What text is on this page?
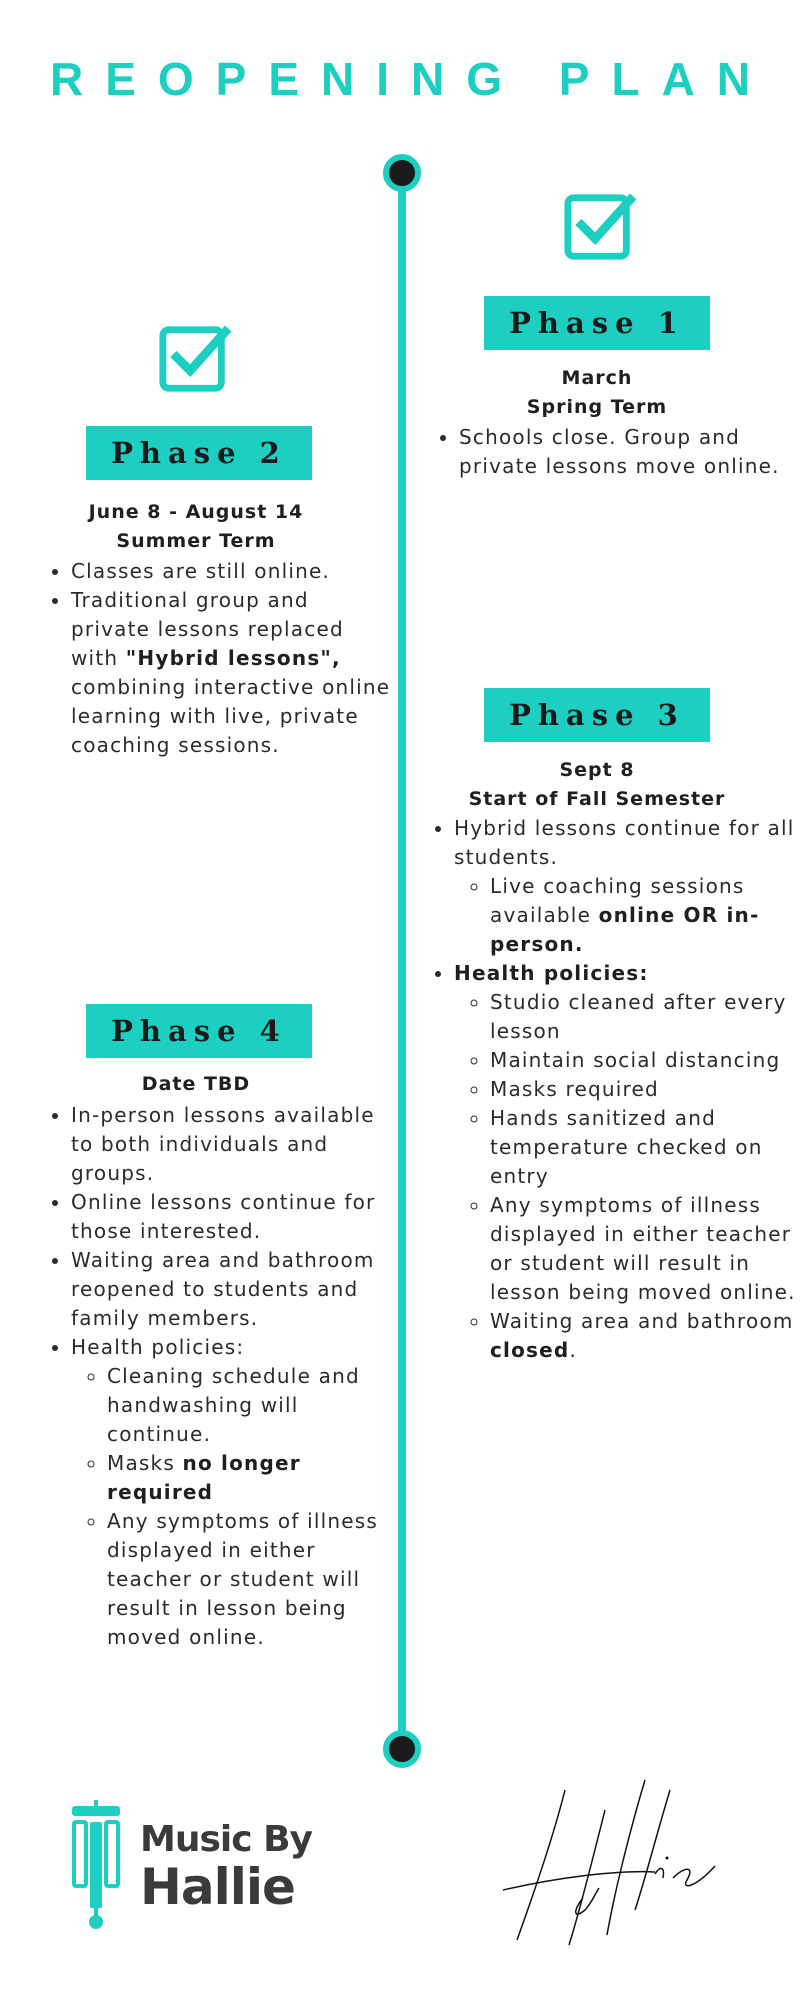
REOPENING PLAN
Phase 1
March
Spring Term
• Schools close. Group and private lessons move online.
Phase 2
June 8 - August 14
Summer Term
• Classes are still online.
• Traditional group and private lessons replaced with "Hybrid lessons", combining interactive online learning with live, private coaching sessions.
Phase 3
Sept 8
Start of Fall Semester
• Hybrid lessons continue for all students.
◦ Live coaching sessions available online OR in-person.
• Health policies:
◦ Studio cleaned after every lesson
◦ Maintain social distancing
◦ Masks required
◦ Hands sanitized and temperature checked on entry
◦ Any symptoms of illness displayed in either teacher or student will result in lesson being moved online.
◦ Waiting area and bathroom closed.
Phase 4
Date TBD
• In-person lessons available to both individuals and groups.
• Online lessons continue for those interested.
• Waiting area and bathroom reopened to students and family members.
• Health policies:
◦ Cleaning schedule and handwashing will continue.
◦ Masks no longer required
◦ Any symptoms of illness displayed in either teacher or student will result in lesson being moved online.
Music By
Hallie
